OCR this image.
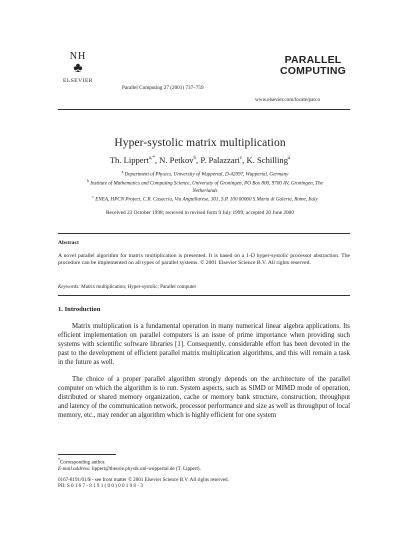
NH
♣
ELSEVIER
Parallel Computing 27 (2001) 737–759
PARALLEL
COMPUTING
www.elsevier.com/locate/parco
Hyper-systolic matrix multiplication
Th. Lippert$^{a,*}$, N. Petkov$^b$, P. Palazzari$^c$, K. Schilling$^a$
$^a$ Department of Physics, University of Wuppertal, D-42097, Wuppertal, Germany
$^b$ Institute of Mathematics and Computing Science, University of Groningen, PO Box 800, 9700 AV, Groningen, The Netherlands
$^c$ ENEA, HPCN Project, C.R. Casaccia, Via Anguillarese, 301, S.P. 100 00060 S.Maria di Galeria, Rome, Italy
Received 23 October 1998; received in revised form 9 July 1999; accepted 20 June 2000
Abstract
A novel parallel algorithm for matrix multiplication is presented. It is based on a 1-D hyper-systolic processor abstraction. The procedure can be implemented on all types of parallel systems. © 2001 Elsevier Science B.V. All rights reserved.
Keywords: Matrix multiplication; Hyper-systolic; Parallel computer
1. Introduction
Matrix multiplication is a fundamental operation in many numerical linear algebra applications. Its efficient implementation on parallel computers is an issue of prime importance when providing such systems with scientific software libraries [1]. Consequently, considerable effort has been devoted in the past to the development of efficient parallel matrix multiplication algorithms, and this will remain a task in the future as well.
The choice of a proper parallel algorithm strongly depends on the architecture of the parallel computer on which the algorithm is to run. System aspects, such as SIMD or MIMD mode of operation, distributed or shared memory organization, cache or memory bank structure, construction, throughput and latency of the communication network, processor performance and size as well as throughput of local memory, etc., may render an algorithm which is highly efficient for one system
*Corresponding author.
E-mail address: lippert@theorie.physik.uni-wuppertal.de (T. Lippert).
0167-8191/01/$ - see front matter © 2001 Elsevier Science B.V. All rights reserved.
PII: S 0 1 6 7 - 8 1 9 1 ( 0 0 ) 0 0 1 0 8 - 3
